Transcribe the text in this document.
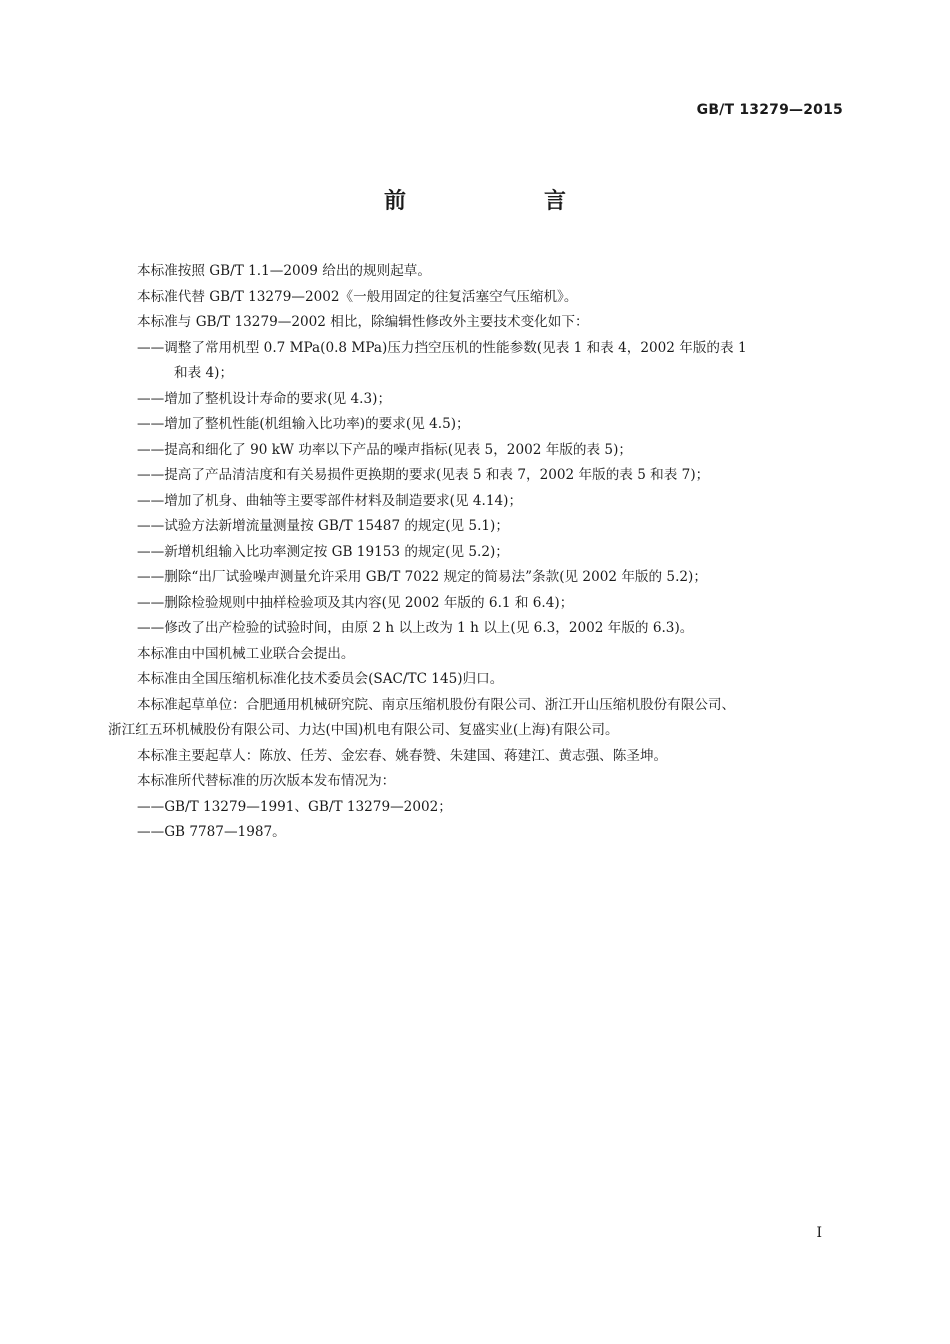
GB/T 13279—2015
前　言
本标准按照 GB/T 1.1—2009 给出的规则起草。
本标准代替 GB/T 13279—2002《一般用固定的往复活塞空气压缩机》。
本标准与 GB/T 13279—2002 相比，除编辑性修改外主要技术变化如下：
——调整了常用机型 0.7 MPa(0.8 MPa)压力挡空压机的性能参数(见表 1 和表 4，2002 年版的表 1
和表 4)；
——增加了整机设计寿命的要求(见 4.3)；
——增加了整机性能(机组输入比功率)的要求(见 4.5)；
——提高和细化了 90 kW 功率以下产品的噪声指标(见表 5，2002 年版的表 5)；
——提高了产品清洁度和有关易损件更换期的要求(见表 5 和表 7，2002 年版的表 5 和表 7)；
——增加了机身、曲轴等主要零部件材料及制造要求(见 4.14)；
——试验方法新增流量测量按 GB/T 15487 的规定(见 5.1)；
——新增机组输入比功率测定按 GB 19153 的规定(见 5.2)；
——删除“出厂试验噪声测量允许采用 GB/T 7022 规定的简易法”条款(见 2002 年版的 5.2)；
——删除检验规则中抽样检验项及其内容(见 2002 年版的 6.1 和 6.4)；
——修改了出产检验的试验时间，由原 2 h 以上改为 1 h 以上(见 6.3，2002 年版的 6.3)。
本标准由中国机械工业联合会提出。
本标准由全国压缩机标准化技术委员会(SAC/TC 145)归口。
本标准起草单位：合肥通用机械研究院、南京压缩机股份有限公司、浙江开山压缩机股份有限公司、
浙江红五环机械股份有限公司、力达(中国)机电有限公司、复盛实业(上海)有限公司。
本标准主要起草人：陈放、任芳、金宏春、姚春赞、朱建国、蒋建江、黄志强、陈圣坤。
本标准所代替标准的历次版本发布情况为：
——GB/T 13279—1991、GB/T 13279—2002；
——GB 7787—1987。
I
